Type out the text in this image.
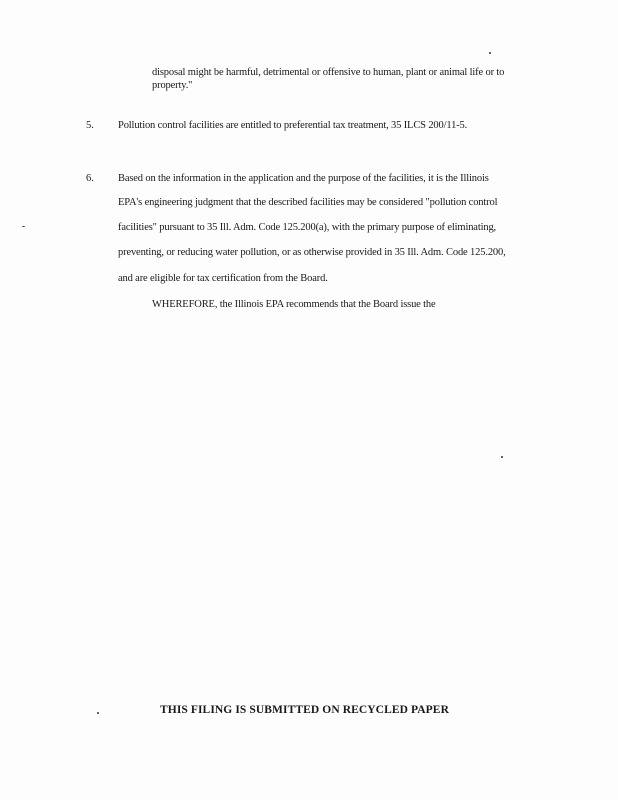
disposal might be harmful, detrimental or offensive to human, plant or animal life or to
property."
5. Pollution control facilities are entitled to preferential tax treatment, 35 ILCS 200/11-5.
6. Based on the information in the application and the purpose of the facilities, it is the Illinois
EPA's engineering judgment that the described facilities may be considered "pollution control
facilities" pursuant to 35 Ill. Adm. Code 125.200(a), with the primary purpose of eliminating,
preventing, or reducing water pollution, or as otherwise provided in 35 Ill. Adm. Code 125.200,
and are eligible for tax certification from the Board.
WHEREFORE, the Illinois EPA recommends that the Board issue the
THIS FILING IS SUBMITTED ON RECYCLED PAPER
